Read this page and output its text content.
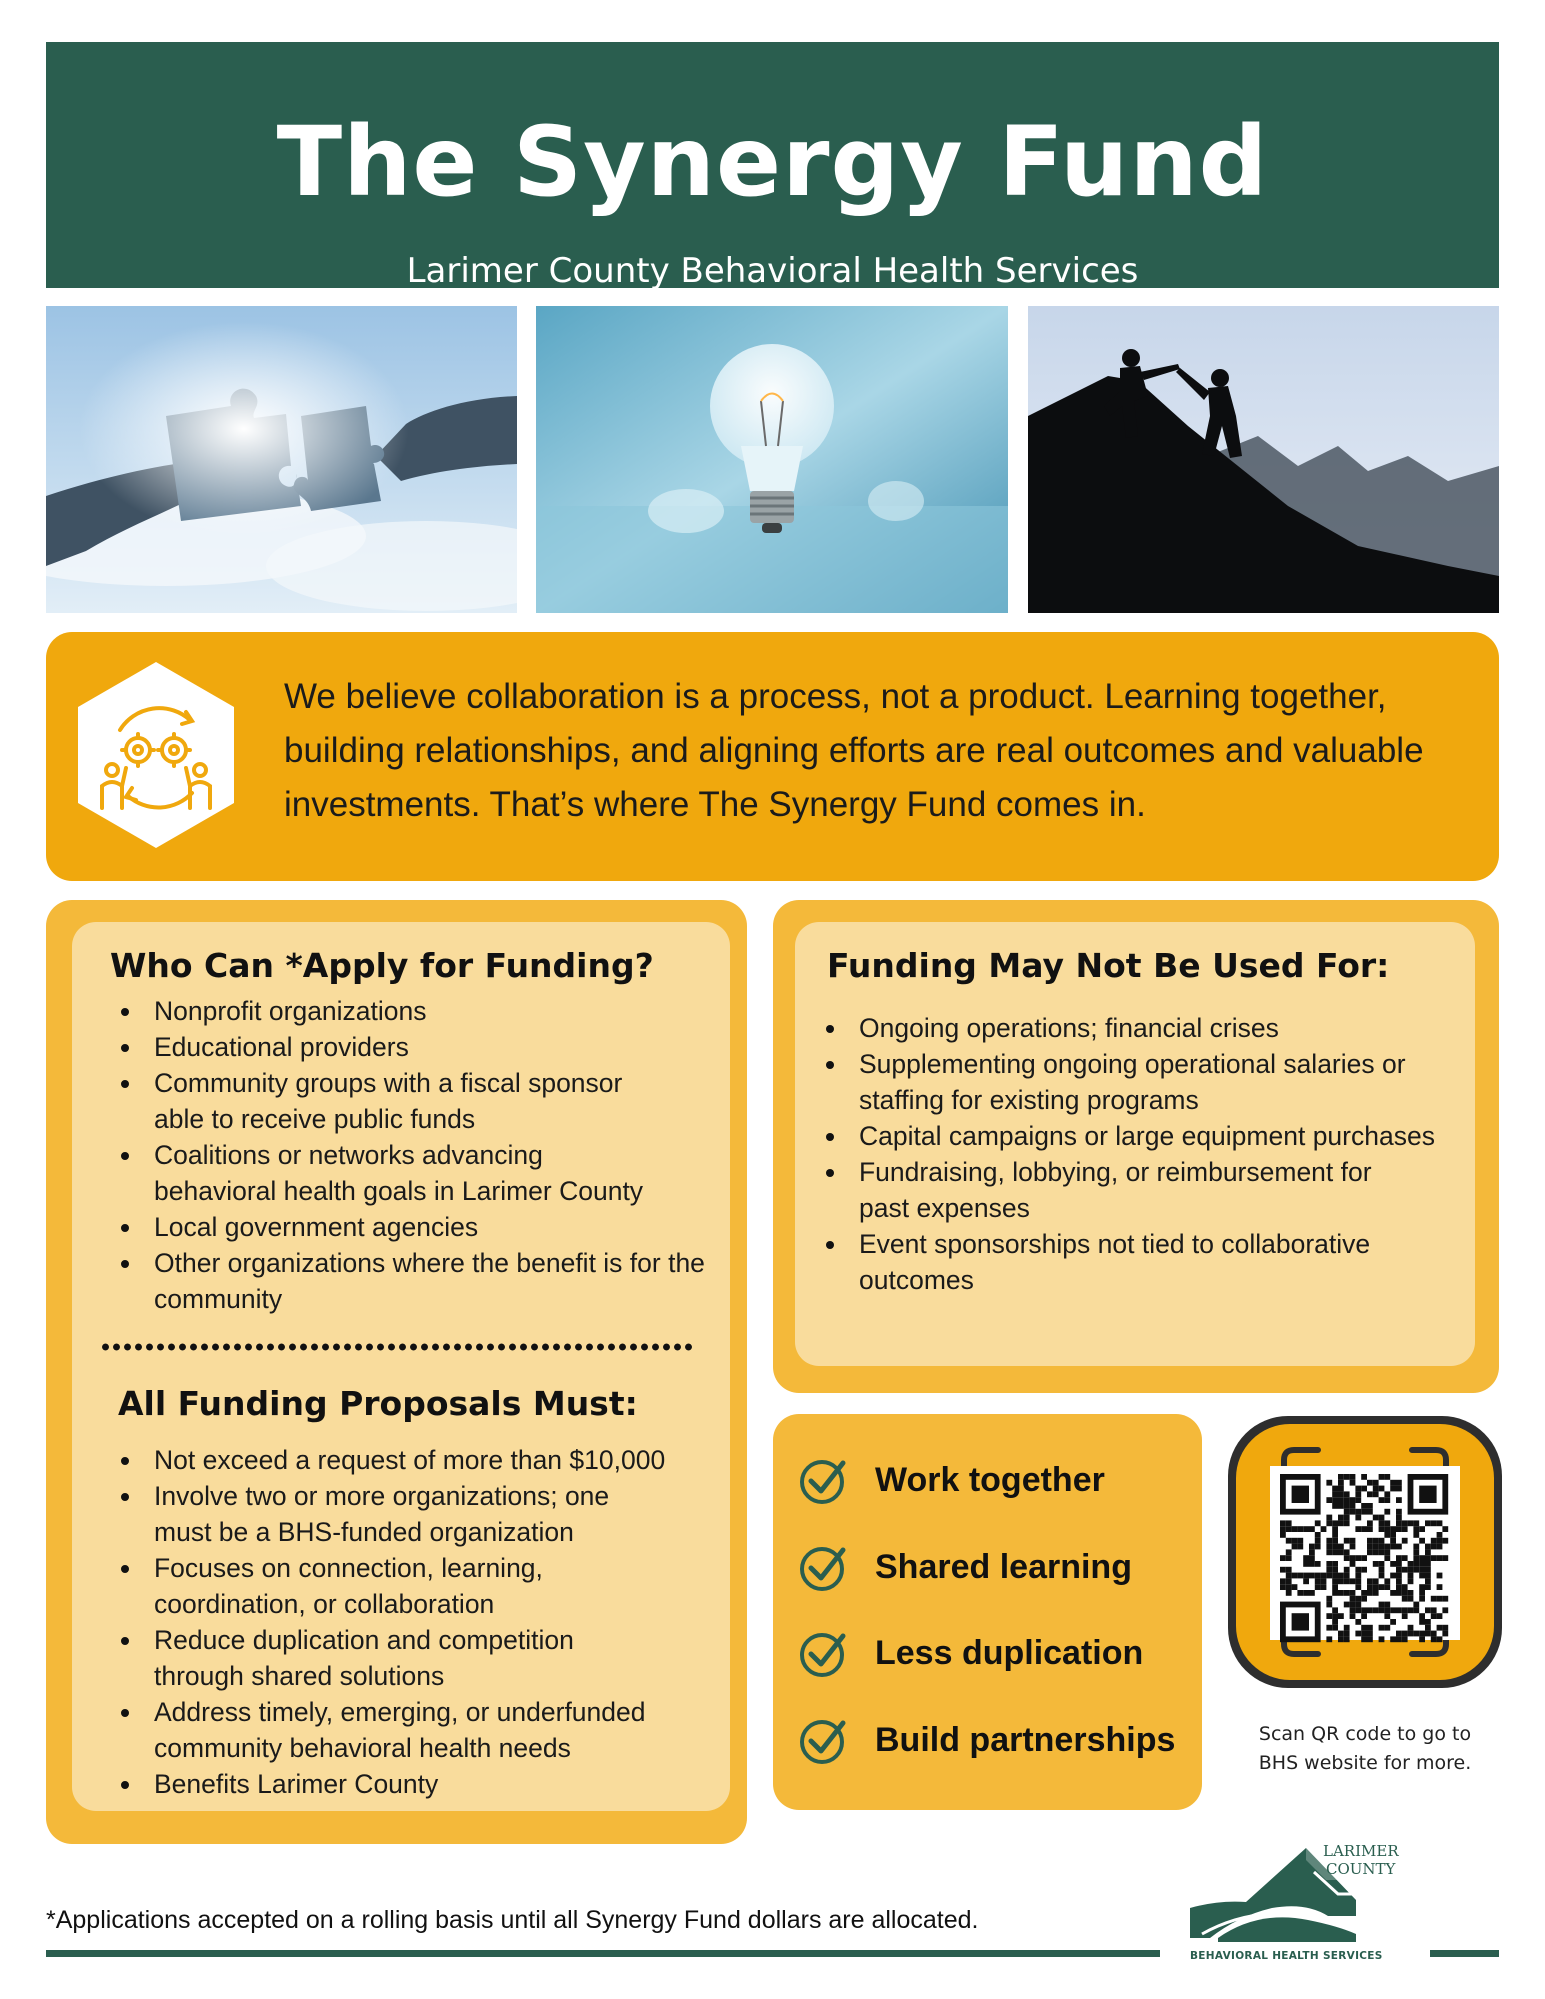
The Synergy Fund
Larimer County Behavioral Health Services

We believe collaboration is a process, not a product. Learning together, building relationships, and aligning efforts are real outcomes and valuable investments. That’s where The Synergy Fund comes in.

Who Can *Apply for Funding?
Nonprofit organizations
Educational providers
Community groups with a fiscal sponsor able to receive public funds
Coalitions or networks advancing behavioral health goals in Larimer County
Local government agencies
Other organizations where the benefit is for the community
All Funding Proposals Must:
Not exceed a request of more than $10,000
Involve two or more organizations; one must be a BHS-funded organization
Focuses on connection, learning, coordination, or collaboration
Reduce duplication and competition through shared solutions
Address timely, emerging, or underfunded community behavioral health needs
Benefits Larimer County
Funding May Not Be Used For:
Ongoing operations; financial crises
Supplementing ongoing operational salaries or staffing for existing programs
Capital campaigns or large equipment purchases
Fundraising, lobbying, or reimbursement for past expenses
Event sponsorships not tied to collaborative outcomes
Work together
Shared learning
Less duplication
Build partnerships	Scan QR code to go to
BHS website for more.
*Applications accepted on a rolling basis until all Synergy Fund dollars are allocated.
LARIMER
COUNTY
BEHAVIORAL HEALTH SERVICES
